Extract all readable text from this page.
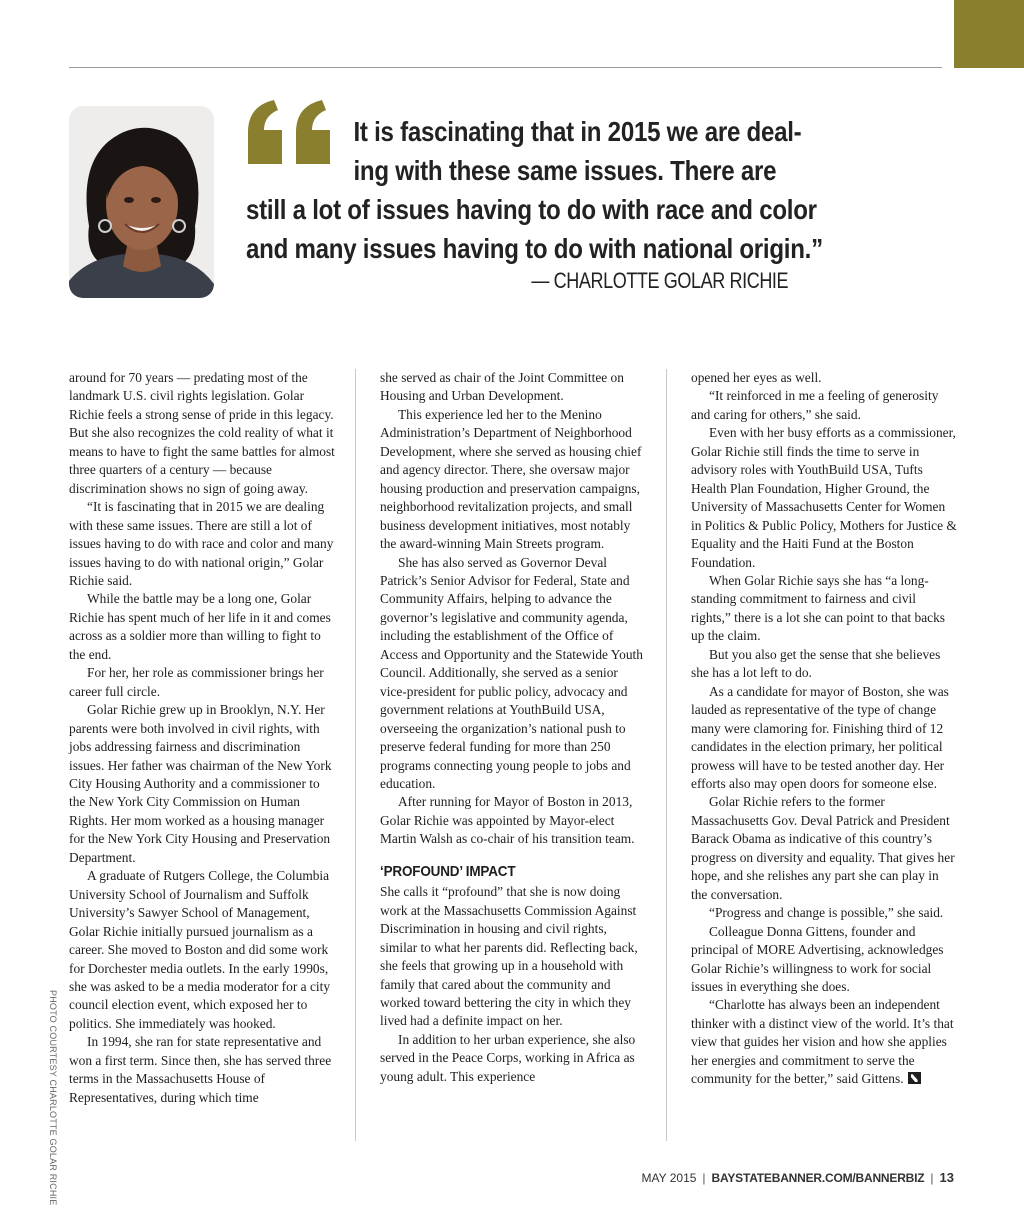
It is fascinating that in 2015 we are deal-
ing with these same issues. There are
still a lot of issues having to do with race and color
and many issues having to do with national origin.”

— CHARLOTTE GOLAR RICHIE

around for 70 years — predating most of the landmark U.S. civil rights legislation. Golar Richie feels a strong sense of pride in this legacy. But she also recognizes the cold reality of what it means to have to fight the same battles for almost three quarters of a century — because discrimination shows no sign of going away.

“It is fascinating that in 2015 we are dealing with these same issues. There are still a lot of issues having to do with race and color and many issues having to do with national origin,” Golar Richie said.

While the battle may be a long one, Golar Richie has spent much of her life in it and comes across as a soldier more than willing to fight to the end.

For her, her role as commissioner brings her career full circle.

Golar Richie grew up in Brooklyn, N.Y. Her parents were both involved in civil rights, with jobs addressing fairness and discrimination issues. Her father was chairman of the New York City Housing Authority and a commissioner to the New York City Commission on Human Rights. Her mom worked as a housing manager for the New York City Housing and Preservation Department.

A graduate of Rutgers College, the Columbia University School of Journalism and Suffolk University’s Sawyer School of Management, Golar Richie initially pursued journalism as a career. She moved to Boston and did some work for Dorchester media outlets. In the early 1990s, she was asked to be a media moderator for a city council election event, which exposed her to politics. She immediately was hooked.

In 1994, she ran for state representative and won a first term. Since then, she has served three terms in the Massachusetts House of Representatives, during which time

she served as chair of the Joint Committee on Housing and Urban Development.

This experience led her to the Menino Administration’s Department of Neighborhood Development, where she served as housing chief and agency director. There, she oversaw major housing production and preservation campaigns, neighborhood revitalization projects, and small business development initiatives, most notably the award-winning Main Streets program.

She has also served as Governor Deval Patrick’s Senior Advisor for Federal, State and Community Affairs, helping to advance the governor’s legislative and community agenda, including the establishment of the Office of Access and Opportunity and the Statewide Youth Council. Additionally, she served as a senior vice-president for public policy, advocacy and government relations at YouthBuild USA, overseeing the organization’s national push to preserve federal funding for more than 250 programs connecting young people to jobs and education.

After running for Mayor of Boston in 2013, Golar Richie was appointed by Mayor-elect Martin Walsh as co-chair of his transition team.

‘PROFOUND’ IMPACT

She calls it “profound” that she is now doing work at the Massachusetts Commission Against Discrimination in housing and civil rights, similar to what her parents did. Reflecting back, she feels that growing up in a household with family that cared about the community and worked toward bettering the city in which they lived had a definite impact on her.

In addition to her urban experience, she also served in the Peace Corps, working in Africa as young adult. This experience

opened her eyes as well.

“It reinforced in me a feeling of generosity and caring for others,” she said.

Even with her busy efforts as a commissioner, Golar Richie still finds the time to serve in advisory roles with YouthBuild USA, Tufts Health Plan Foundation, Higher Ground, the University of Massachusetts Center for Women in Politics & Public Policy, Mothers for Justice & Equality and the Haiti Fund at the Boston Foundation.

When Golar Richie says she has “a long-standing commitment to fairness and civil rights,” there is a lot she can point to that backs up the claim.

But you also get the sense that she believes she has a lot left to do.

As a candidate for mayor of Boston, she was lauded as representative of the type of change many were clamoring for. Finishing third of 12 candidates in the election primary, her political prowess will have to be tested another day. Her efforts also may open doors for someone else.

Golar Richie refers to the former Massachusetts Gov. Deval Patrick and President Barack Obama as indicative of this country’s progress on diversity and equality. That gives her hope, and she relishes any part she can play in the conversation.

“Progress and change is possible,” she said.

Colleague Donna Gittens, founder and principal of MORE Advertising, acknowledges Golar Richie’s willingness to work for social issues in everything she does.

“Charlotte has always been an independent thinker with a distinct view of the world. It’s that view that guides her vision and how she applies her energies and commitment to serve the community for the better,” said Gittens.

PHOTO COURTESY CHARLOTTE GOLAR RICHIE	MAY 2015 | BAYSTATEBANNER.COM/BANNERBIZ | 13
